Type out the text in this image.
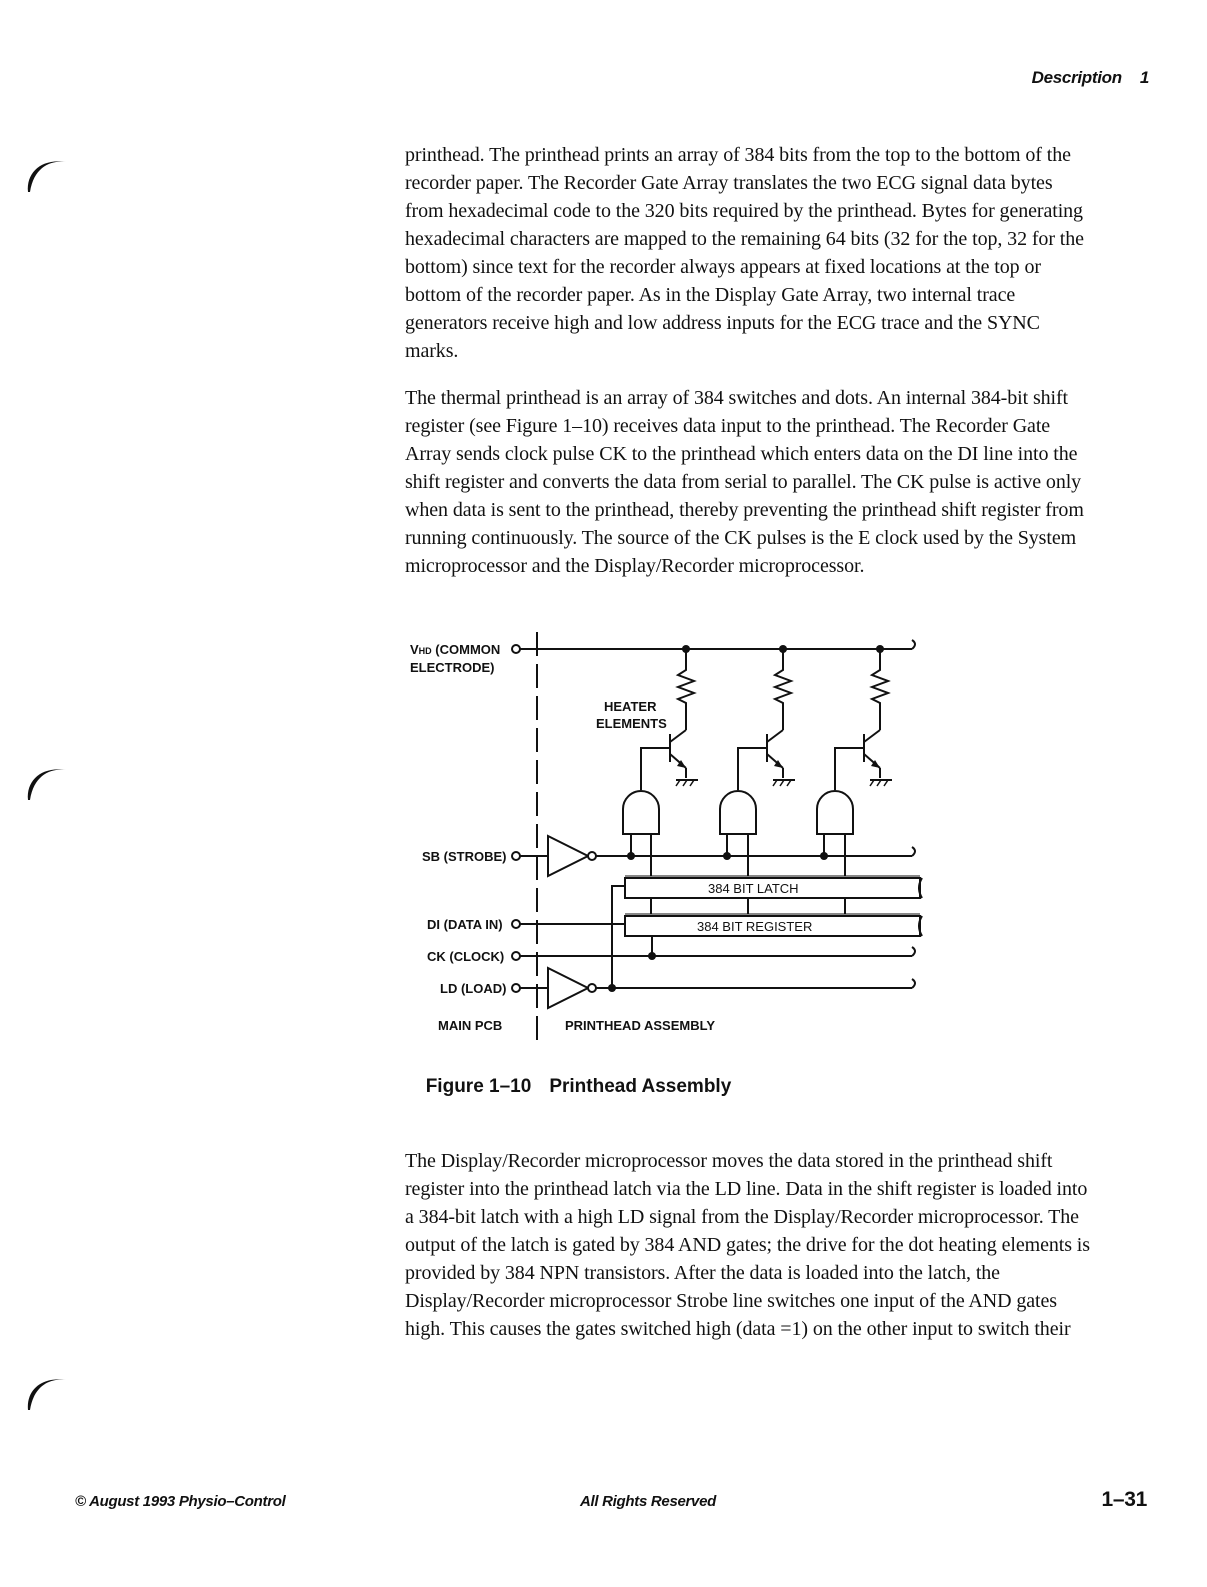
Description 1

printhead. The printhead prints an array of 384 bits from the top to the bottom of the recorder paper. The Recorder Gate Array translates the two ECG signal data bytes from hexadecimal code to the 320 bits required by the printhead. Bytes for generating hexadecimal characters are mapped to the remaining 64 bits (32 for the top, 32 for the bottom) since text for the recorder always appears at fixed locations at the top or bottom of the recorder paper. As in the Display Gate Array, two internal trace generators receive high and low address inputs for the ECG trace and the SYNC marks.

The thermal printhead is an array of 384 switches and dots. An internal 384-bit shift register (see Figure 1–10) receives data input to the printhead. The Recorder Gate Array sends clock pulse CK to the printhead which enters data on the DI line into the shift register and converts the data from serial to parallel. The CK pulse is active only when data is sent to the printhead, thereby preventing the printhead shift register from running continuously. The source of the CK pulses is the E clock used by the System microprocessor and the Display/Recorder microprocessor.

VHD (COMMON
ELECTRODE)
HEATER
ELEMENTS
SB (STROBE)
DI (DATA IN)
CK (CLOCK)
LD (LOAD)
384 BIT LATCH
384 BIT REGISTER
MAIN PCB	PRINTHEAD ASSEMBLY
Figure 1–10 Printhead Assembly

The Display/Recorder microprocessor moves the data stored in the printhead shift register into the printhead latch via the LD line. Data in the shift register is loaded into a 384-bit latch with a high LD signal from the Display/Recorder microprocessor. The output of the latch is gated by 384 AND gates; the drive for the dot heating elements is provided by 384 NPN transistors. After the data is loaded into the latch, the Display/Recorder microprocessor Strobe line switches one input of the AND gates high. This causes the gates switched high (data =1) on the other input to switch their

© August 1993 Physio–Control	All Rights Reserved	1–31
